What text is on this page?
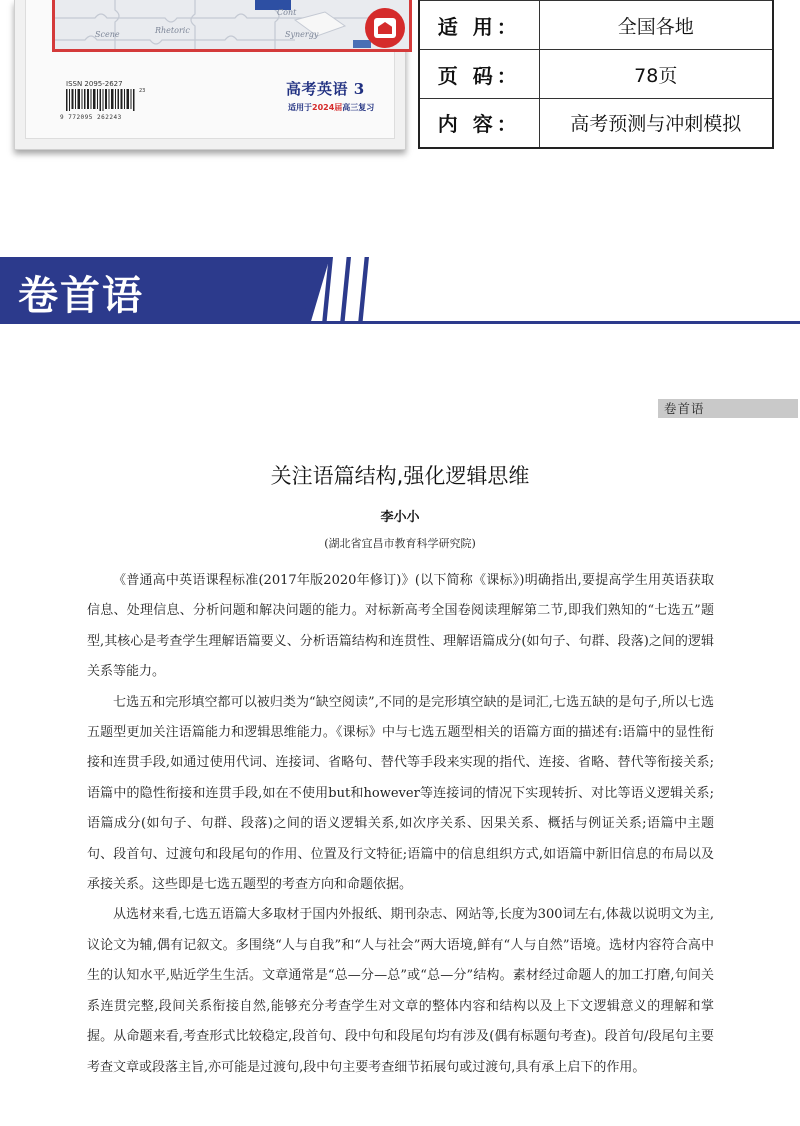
Scene	Rhetoric	Synergy
Cont
ISSN 2095-2627
23
9 772095 262243
高考英语 3
适用于2024届高三复习
适 用：	全国各地
页 码：	78页
内 容：	高考预测与冲刺模拟
卷首语
卷首语
关注语篇结构,强化逻辑思维
李小小
(湖北省宜昌市教育科学研究院)

《普通高中英语课程标准(2017年版2020年修订)》(以下简称《课标》)明确指出,要提高学生用英语获取信息、处理信息、分析问题和解决问题的能力。对标新高考全国卷阅读理解第二节,即我们熟知的“七选五”题型,其核心是考查学生理解语篇要义、分析语篇结构和连贯性、理解语篇成分(如句子、句群、段落)之间的逻辑关系等能力。

七选五和完形填空都可以被归类为“缺空阅读”,不同的是完形填空缺的是词汇,七选五缺的是句子,所以七选五题型更加关注语篇能力和逻辑思维能力。《课标》中与七选五题型相关的语篇方面的描述有:语篇中的显性衔接和连贯手段,如通过使用代词、连接词、省略句、替代等手段来实现的指代、连接、省略、替代等衔接关系;语篇中的隐性衔接和连贯手段,如在不使用but和however等连接词的情况下实现转折、对比等语义逻辑关系;语篇成分(如句子、句群、段落)之间的语义逻辑关系,如次序关系、因果关系、概括与例证关系;语篇中主题句、段首句、过渡句和段尾句的作用、位置及行文特征;语篇中的信息组织方式,如语篇中新旧信息的布局以及承接关系。这些即是七选五题型的考查方向和命题依据。

从选材来看,七选五语篇大多取材于国内外报纸、期刊杂志、网站等,长度为300词左右,体裁以说明文为主,议论文为辅,偶有记叙文。多围绕“人与自我”和“人与社会”两大语境,鲜有“人与自然”语境。选材内容符合高中生的认知水平,贴近学生生活。文章通常是“总—分—总”或“总—分”结构。素材经过命题人的加工打磨,句间关系连贯完整,段间关系衔接自然,能够充分考查学生对文章的整体内容和结构以及上下文逻辑意义的理解和掌握。从命题来看,考查形式比较稳定,段首句、段中句和段尾句均有涉及(偶有标题句考查)。段首句/段尾句主要考查文章或段落主旨,亦可能是过渡句,段中句主要考查细节拓展句或过渡句,具有承上启下的作用。
